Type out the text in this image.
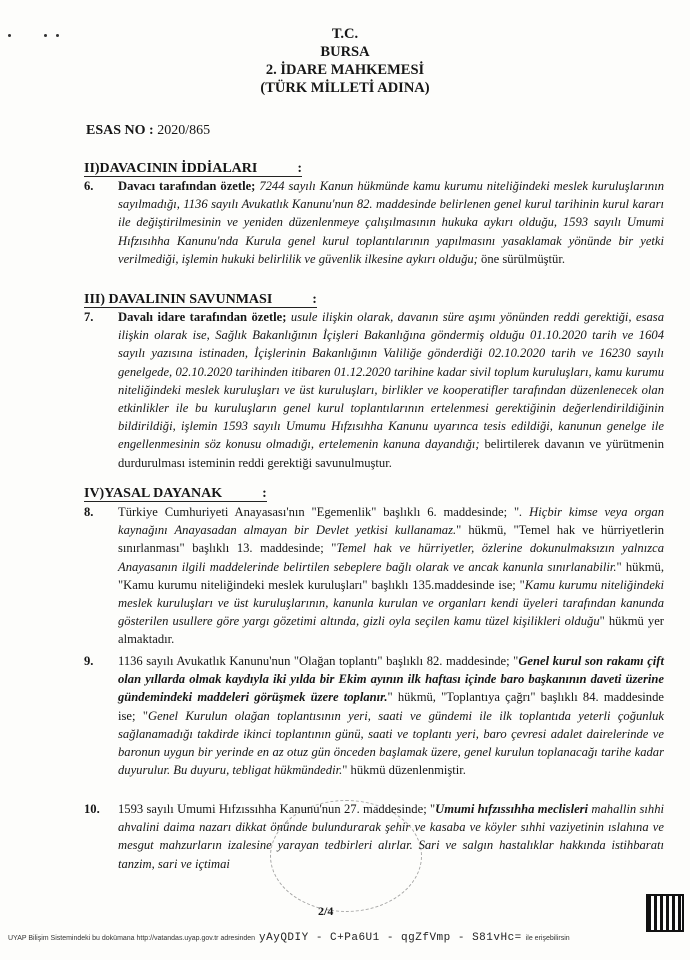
T.C.
BURSA
2. İDARE MAHKEMESİ
(TÜRK MİLLETİ ADINA)
ESAS NO : 2020/865
II)DAVACININ İDDİALARI	:
6.	Davacı tarafından özetle; 7244 sayılı Kanun hükmünde kamu kurumu niteliğindeki meslek kuruluşlarının sayılmadığı, 1136 sayılı Avukatlık Kanunu'nun 82. maddesinde belirlenen genel kurul tarihinin kurul kararı ile değiştirilmesinin ve yeniden düzenlenmeye çalışılmasının hukuka aykırı olduğu, 1593 sayılı Umumi Hıfzısıhha Kanunu'nda Kurula genel kurul toplantılarının yapılmasını yasaklamak yönünde bir yetki verilmediği, işlemin hukuki belirlilik ve güvenlik ilkesine aykırı olduğu; öne sürülmüştür.
III) DAVALININ SAVUNMASI	:
7.	Davalı idare tarafından özetle; usule ilişkin olarak, davanın süre aşımı yönünden reddi gerektiği, esasa ilişkin olarak ise, Sağlık Bakanlığının İçişleri Bakanlığına göndermiş olduğu 01.10.2020 tarih ve 1604 sayılı yazısına istinaden, İçişlerinin Bakanlığının Valiliğe gönderdiği 02.10.2020 tarih ve 16230 sayılı genelgede, 02.10.2020 tarihinden itibaren 01.12.2020 tarihine kadar sivil toplum kuruluşları, kamu kurumu niteliğindeki meslek kuruluşları ve üst kuruluşları, birlikler ve kooperatifler tarafından düzenlenecek olan etkinlikler ile bu kuruluşların genel kurul toplantılarının ertelenmesi gerektiğinin değerlendirildiğinin bildirildiği, işlemin 1593 sayılı Umumu Hıfzısıhha Kanunu uyarınca tesis edildiği, kanunun genelge ile engellenmesinin söz konusu olmadığı, ertelemenin kanuna dayandığı; belirtilerek davanın ve yürütmenin durdurulması isteminin reddi gerektiği savunulmuştur.
IV)YASAL DAYANAK	:
8.	Türkiye Cumhuriyeti Anayasası'nın "Egemenlik" başlıklı 6. maddesinde; ". Hiçbir kimse veya organ kaynağını Anayasadan almayan bir Devlet yetkisi kullanamaz." hükmü, "Temel hak ve hürriyetlerin sınırlanması" başlıklı 13. maddesinde; "Temel hak ve hürriyetler, özlerine dokunulmaksızın yalnızca Anayasanın ilgili maddelerinde belirtilen sebeplere bağlı olarak ve ancak kanunla sınırlanabilir." hükmü, "Kamu kurumu niteliğindeki meslek kuruluşları" başlıklı 135.maddesinde ise; "Kamu kurumu niteliğindeki meslek kuruluşları ve üst kuruluşlarının, kanunla kurulan ve organları kendi üyeleri tarafından kanunda gösterilen usullere göre yargı gözetimi altında, gizli oyla seçilen kamu tüzel kişilikleri olduğu" hükmü yer almaktadır.
9.	1136 sayılı Avukatlık Kanunu'nun "Olağan toplantı" başlıklı 82. maddesinde; "Genel kurul son rakamı çift olan yıllarda olmak kaydıyla iki yılda bir Ekim ayının ilk haftası içinde baro başkanının daveti üzerine gündemindeki maddeleri görüşmek üzere toplanır." hükmü, "Toplantıya çağrı" başlıklı 84. maddesinde ise; "Genel Kurulun olağan toplantısının yeri, saati ve gündemi ile ilk toplantıda yeterli çoğunluk sağlanamadığı takdirde ikinci toplantının günü, saati ve toplantı yeri, baro çevresi adalet dairelerinde ve baronun uygun bir yerinde en az otuz gün önceden başlamak üzere, genel kurulun toplanacağı tarihe kadar duyurulur. Bu duyuru, tebligat hükmündedir." hükmü düzenlenmiştir.
10.	1593 sayılı Umumi Hıfzıssıhha Kanunu'nun 27. maddesinde; "Umumi hıfzıssıhha meclisleri mahallin sıhhi ahvalini daima nazarı dikkat önünde bulundurarak şehir ve kasaba ve köyler sıhhi vaziyetinin ıslahına ve mesgut mahzurların izalesine yarayan tedbirleri alırlar. Sari ve salgın hastalıklar hakkında istihbaratı tanzim, sari ve içtimai
2/4
UYAP Bilişim Sistemindeki bu dokümana http://vatandas.uyap.gov.tr adresinden yAyQDIY - C+Pa6U1 - qgZfVmp - S81vHc= ile erişebilirsin
